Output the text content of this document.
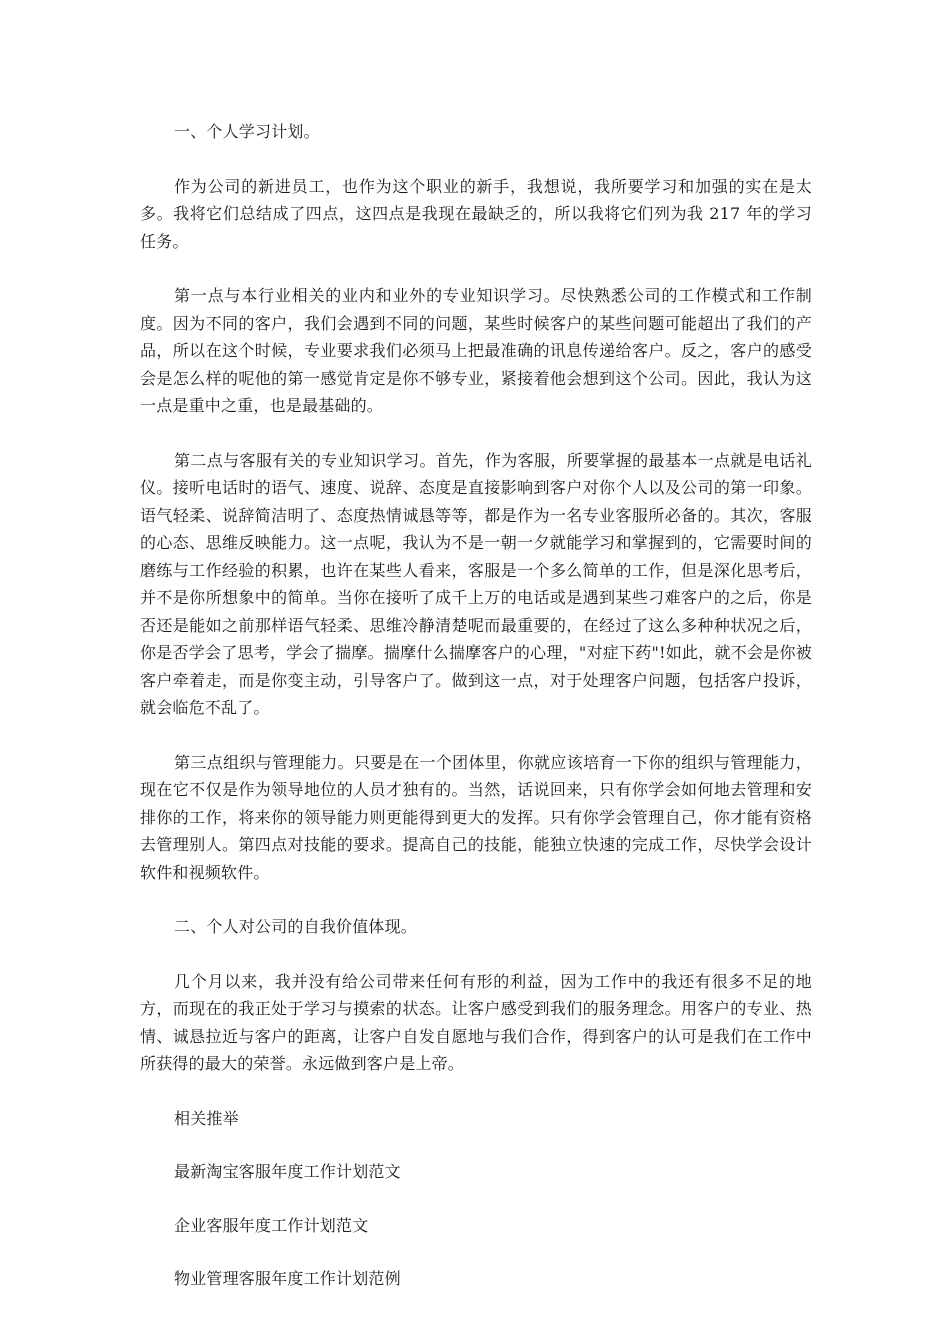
一、个人学习计划。

作为公司的新进员工，也作为这个职业的新手，我想说，我所要学习和加强的实在是太多。我将它们总结成了四点，这四点是我现在最缺乏的，所以我将它们列为我 217 年的学习任务。

第一点与本行业相关的业内和业外的专业知识学习。尽快熟悉公司的工作模式和工作制度。因为不同的客户，我们会遇到不同的问题，某些时候客户的某些问题可能超出了我们的产品，所以在这个时候，专业要求我们必须马上把最准确的讯息传递给客户。反之，客户的感受会是怎么样的呢他的第一感觉肯定是你不够专业，紧接着他会想到这个公司。因此，我认为这一点是重中之重，也是最基础的。

第二点与客服有关的专业知识学习。首先，作为客服，所要掌握的最基本一点就是电话礼仪。接听电话时的语气、速度、说辞、态度是直接影响到客户对你个人以及公司的第一印象。语气轻柔、说辞简洁明了、态度热情诚恳等等，都是作为一名专业客服所必备的。其次，客服的心态、思维反映能力。这一点呢，我认为不是一朝一夕就能学习和掌握到的，它需要时间的磨练与工作经验的积累，也许在某些人看来，客服是一个多么简单的工作，但是深化思考后，并不是你所想象中的简单。当你在接听了成千上万的电话或是遇到某些刁难客户的之后，你是否还是能如之前那样语气轻柔、思维冷静清楚呢而最重要的，在经过了这么多种种状况之后，你是否学会了思考，学会了揣摩。揣摩什么揣摩客户的心理，"对症下药"!如此，就不会是你被客户牵着走，而是你变主动，引导客户了。做到这一点，对于处理客户问题，包括客户投诉，就会临危不乱了。

第三点组织与管理能力。只要是在一个团体里，你就应该培育一下你的组织与管理能力，现在它不仅是作为领导地位的人员才独有的。当然，话说回来，只有你学会如何地去管理和安排你的工作，将来你的领导能力则更能得到更大的发挥。只有你学会管理自己，你才能有资格去管理别人。第四点对技能的要求。提高自己的技能，能独立快速的完成工作，尽快学会设计软件和视频软件。

二、个人对公司的自我价值体现。

几个月以来，我并没有给公司带来任何有形的利益，因为工作中的我还有很多不足的地方，而现在的我正处于学习与摸索的状态。让客户感受到我们的服务理念。用客户的专业、热情、诚恳拉近与客户的距离，让客户自发自愿地与我们合作，得到客户的认可是我们在工作中所获得的最大的荣誉。永远做到客户是上帝。

相关推举

最新淘宝客服年度工作计划范文

企业客服年度工作计划范文

物业管理客服年度工作计划范例
